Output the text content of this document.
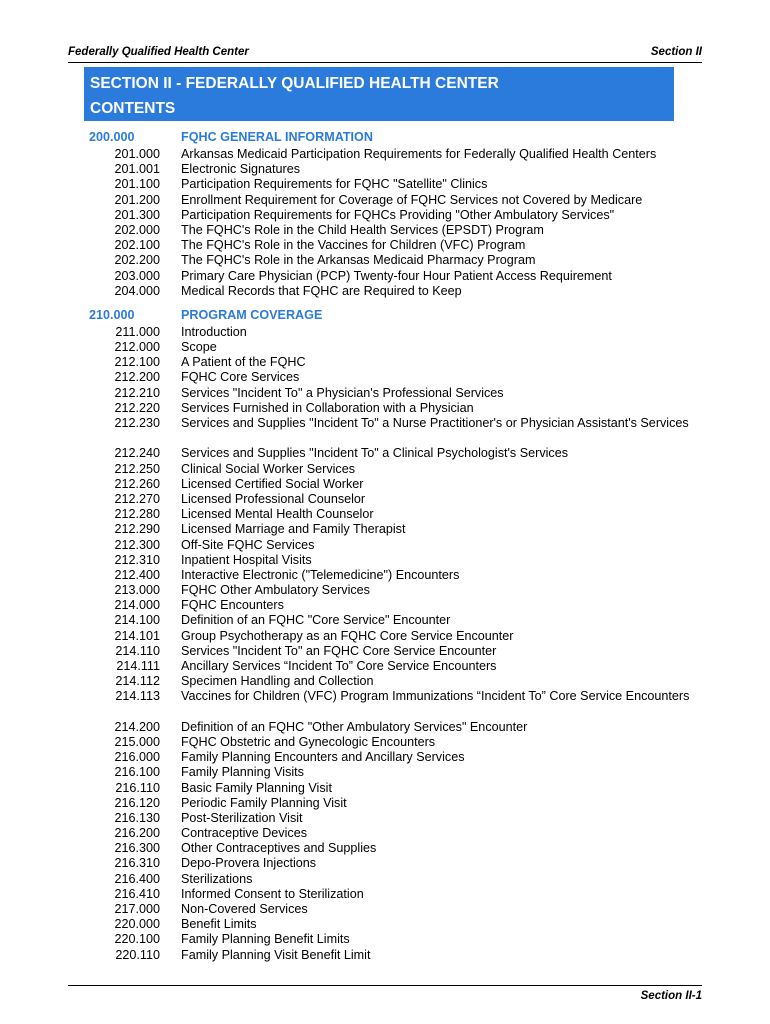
Federally Qualified Health Center	Section II
SECTION II - FEDERALLY QUALIFIED HEALTH CENTER
CONTENTS
200.000	FQHC GENERAL INFORMATION
201.000 Arkansas Medicaid Participation Requirements for Federally Qualified Health Centers
201.001 Electronic Signatures
201.100 Participation Requirements for FQHC "Satellite" Clinics
201.200 Enrollment Requirement for Coverage of FQHC Services not Covered by Medicare
201.300 Participation Requirements for FQHCs Providing "Other Ambulatory Services"
202.000 The FQHC's Role in the Child Health Services (EPSDT) Program
202.100 The FQHC's Role in the Vaccines for Children (VFC) Program
202.200 The FQHC's Role in the Arkansas Medicaid Pharmacy Program
203.000 Primary Care Physician (PCP) Twenty-four Hour Patient Access Requirement
204.000 Medical Records that FQHC are Required to Keep
210.000	PROGRAM COVERAGE
211.000 Introduction
212.000 Scope
212.100 A Patient of the FQHC
212.200 FQHC Core Services
212.210 Services "Incident To" a Physician's Professional Services
212.220 Services Furnished in Collaboration with a Physician
212.230 Services and Supplies "Incident To" a Nurse Practitioner's or Physician Assistant's Services
212.240 Services and Supplies "Incident To" a Clinical Psychologist's Services
212.250 Clinical Social Worker Services
212.260 Licensed Certified Social Worker
212.270 Licensed Professional Counselor
212.280 Licensed Mental Health Counselor
212.290 Licensed Marriage and Family Therapist
212.300 Off-Site FQHC Services
212.310 Inpatient Hospital Visits
212.400 Interactive Electronic ("Telemedicine") Encounters
213.000 FQHC Other Ambulatory Services
214.000 FQHC Encounters
214.100 Definition of an FQHC "Core Service" Encounter
214.101 Group Psychotherapy as an FQHC Core Service Encounter
214.110 Services "Incident To" an FQHC Core Service Encounter
214.111 Ancillary Services “Incident To” Core Service Encounters
214.112 Specimen Handling and Collection
214.113 Vaccines for Children (VFC) Program Immunizations “Incident To” Core Service Encounters
214.200 Definition of an FQHC "Other Ambulatory Services" Encounter
215.000 FQHC Obstetric and Gynecologic Encounters
216.000 Family Planning Encounters and Ancillary Services
216.100 Family Planning Visits
216.110 Basic Family Planning Visit
216.120 Periodic Family Planning Visit
216.130 Post-Sterilization Visit
216.200 Contraceptive Devices
216.300 Other Contraceptives and Supplies
216.310 Depo-Provera Injections
216.400 Sterilizations
216.410 Informed Consent to Sterilization
217.000 Non-Covered Services
220.000 Benefit Limits
220.100 Family Planning Benefit Limits
220.110 Family Planning Visit Benefit Limit
Section II-1
